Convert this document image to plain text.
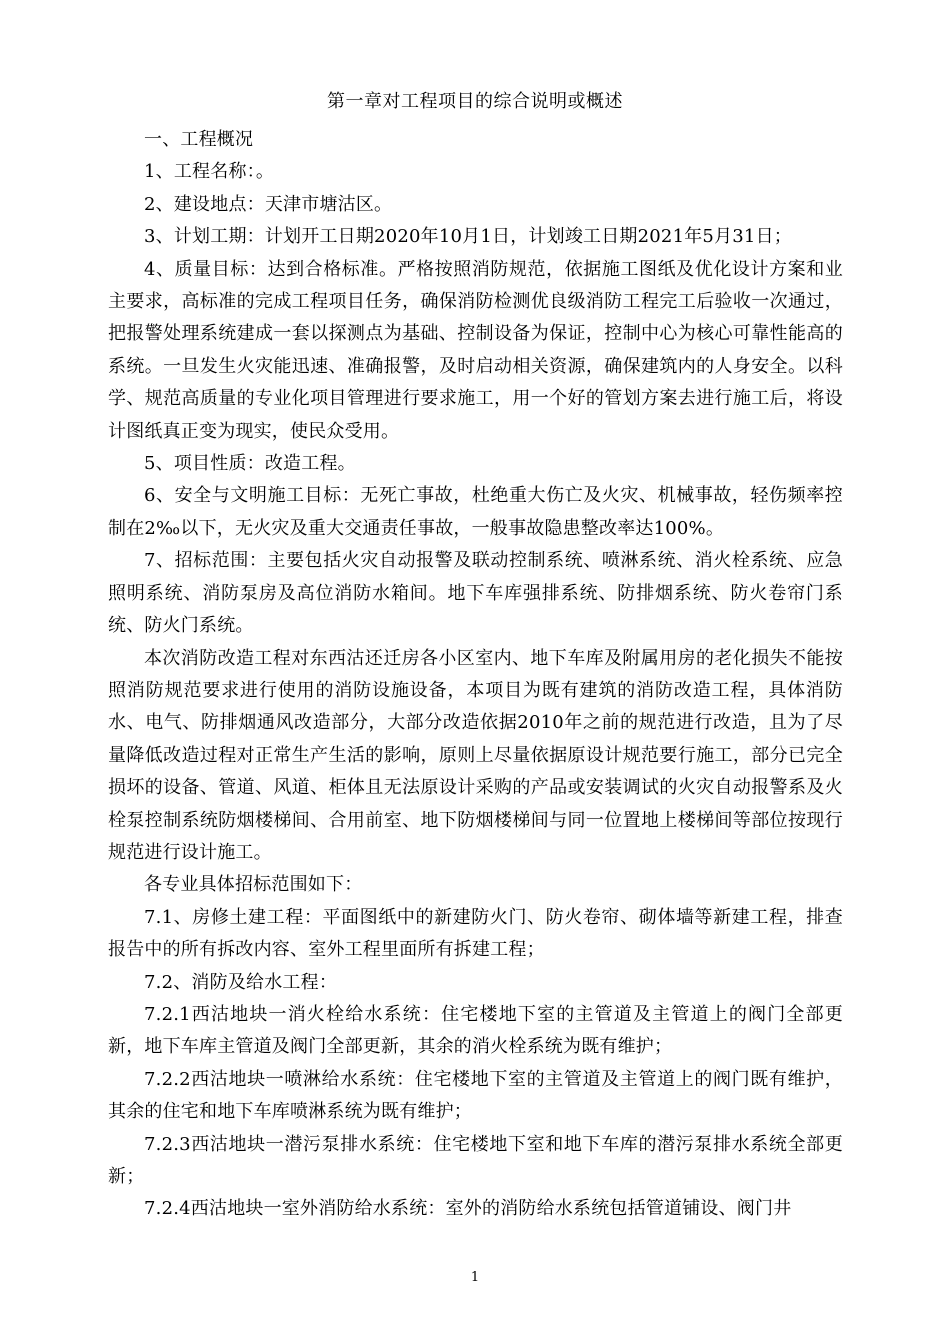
第一章对工程项目的综合说明或概述

一、工程概况

1、工程名称：。

2、建设地点：天津市塘沽区。

3、计划工期：计划开工日期2020年10月1日，计划竣工日期2021年5月31日；

4、质量目标：达到合格标准。严格按照消防规范，依据施工图纸及优化设计方案和业主要求，高标准的完成工程项目任务，确保消防检测优良级消防工程完工后验收一次通过，把报警处理系统建成一套以探测点为基础、控制设备为保证，控制中心为核心可靠性能高的系统。一旦发生火灾能迅速、准确报警，及时启动相关资源，确保建筑内的人身安全。以科学、规范高质量的专业化项目管理进行要求施工，用一个好的管划方案去进行施工后，将设计图纸真正变为现实，使民众受用。

5、项目性质：改造工程。

6、安全与文明施工目标：无死亡事故，杜绝重大伤亡及火灾、机械事故，轻伤频率控制在2‰以下，无火灾及重大交通责任事故，一般事故隐患整改率达100%。

7、招标范围：主要包括火灾自动报警及联动控制系统、喷淋系统、消火栓系统、应急照明系统、消防泵房及高位消防水箱间。地下车库强排系统、防排烟系统、防火卷帘门系统、防火门系统。

本次消防改造工程对东西沽还迁房各小区室内、地下车库及附属用房的老化损失不能按照消防规范要求进行使用的消防设施设备，本项目为既有建筑的消防改造工程，具体消防水、电气、防排烟通风改造部分，大部分改造依据2010年之前的规范进行改造，且为了尽量降低改造过程对正常生产生活的影响，原则上尽量依据原设计规范要行施工，部分已完全损坏的设备、管道、风道、柜体且无法原设计采购的产品或安装调试的火灾自动报警系及火栓泵控制系统防烟楼梯间、合用前室、地下防烟楼梯间与同一位置地上楼梯间等部位按现行规范进行设计施工。

各专业具体招标范围如下：

7.1、房修土建工程：平面图纸中的新建防火门、防火卷帘、砌体墙等新建工程，排查报告中的所有拆改内容、室外工程里面所有拆建工程；

7.2、消防及给水工程：

7.2.1西沽地块一消火栓给水系统：住宅楼地下室的主管道及主管道上的阀门全部更新，地下车库主管道及阀门全部更新，其余的消火栓系统为既有维护；

7.2.2西沽地块一喷淋给水系统：住宅楼地下室的主管道及主管道上的阀门既有维护，其余的住宅和地下车库喷淋系统为既有维护；

7.2.3西沽地块一潜污泵排水系统：住宅楼地下室和地下车库的潜污泵排水系统全部更新；

7.2.4西沽地块一室外消防给水系统：室外的消防给水系统包括管道铺设、阀门井

1
